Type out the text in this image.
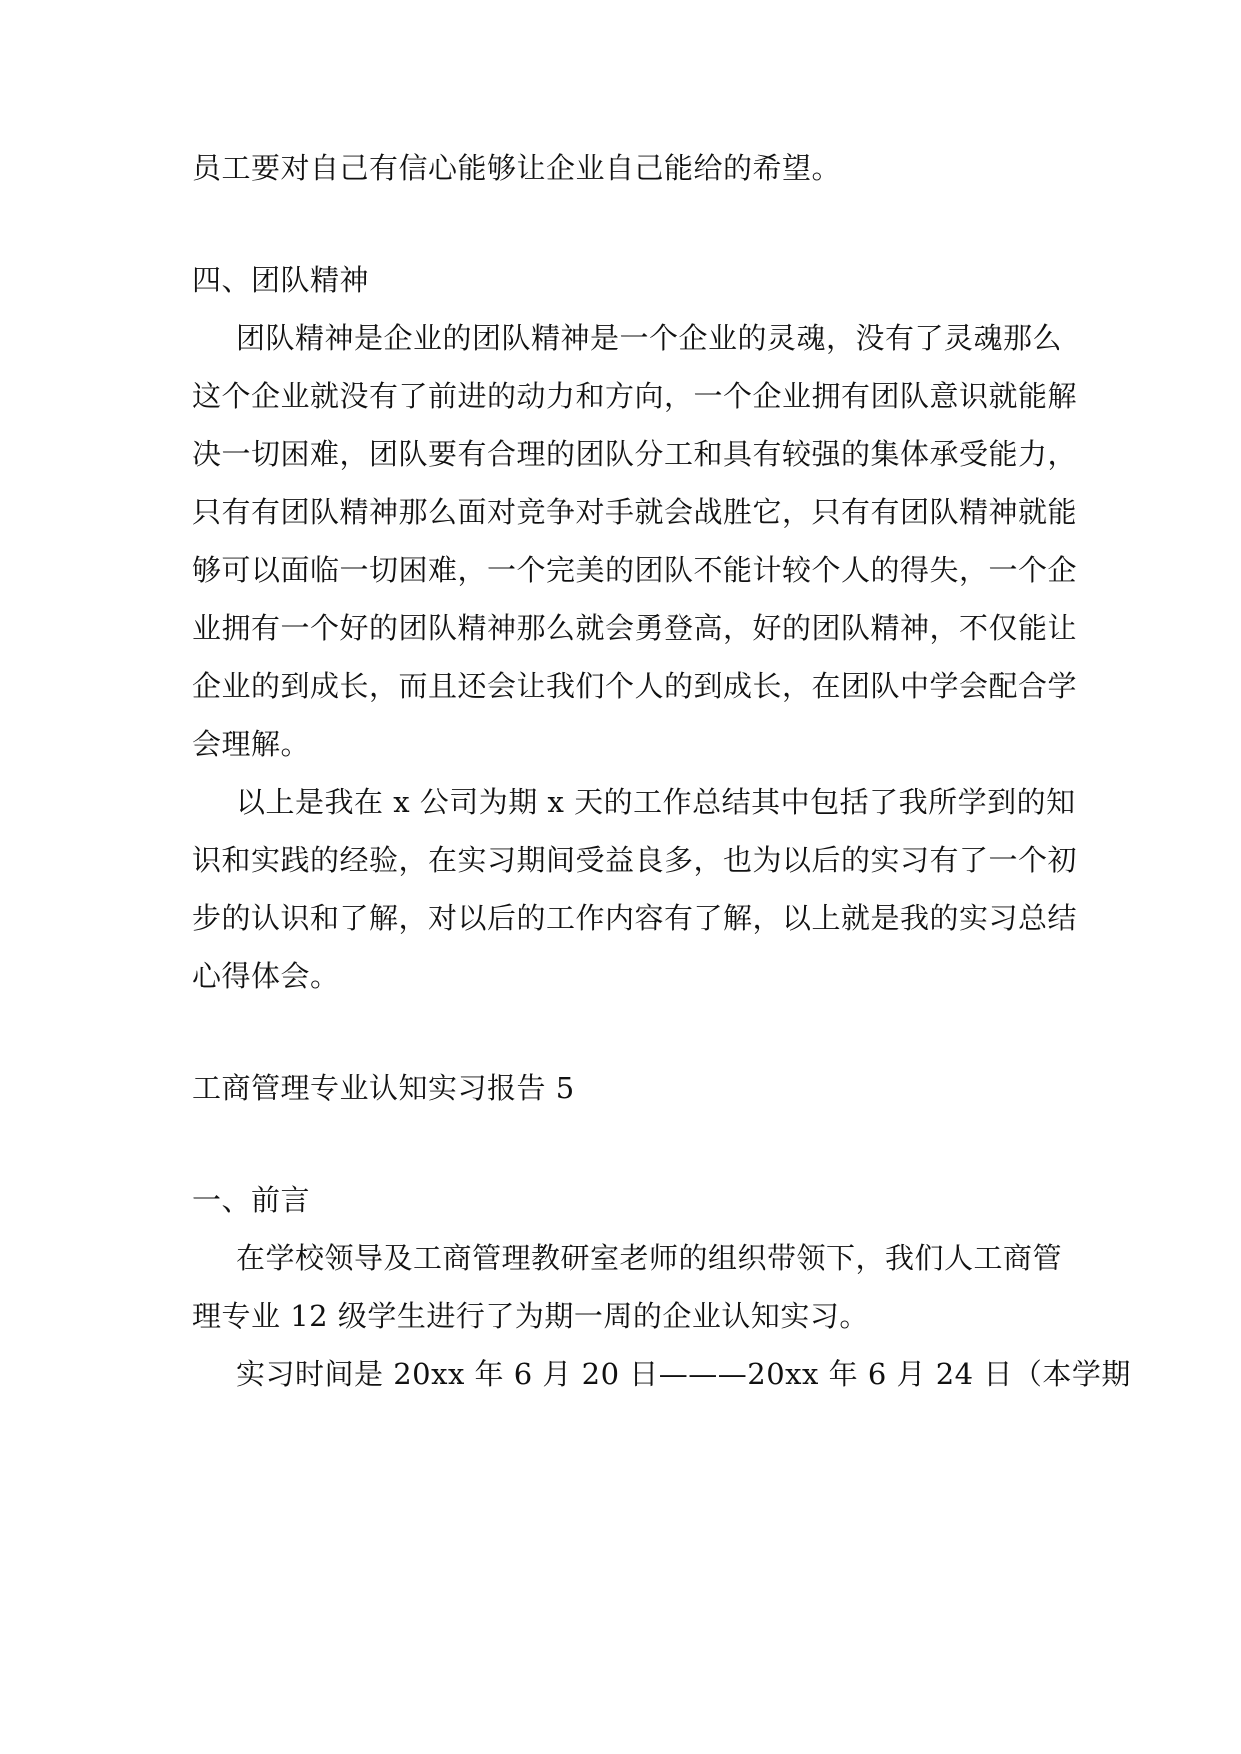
员工要对自己有信心能够让企业自己能给的希望。
四、团队精神
团队精神是企业的团队精神是一个企业的灵魂，没有了灵魂那么
这个企业就没有了前进的动力和方向，一个企业拥有团队意识就能解
决一切困难，团队要有合理的团队分工和具有较强的集体承受能力，
只有有团队精神那么面对竞争对手就会战胜它，只有有团队精神就能
够可以面临一切困难，一个完美的团队不能计较个人的得失，一个企
业拥有一个好的团队精神那么就会勇登高，好的团队精神，不仅能让
企业的到成长，而且还会让我们个人的到成长，在团队中学会配合学
会理解。
以上是我在 x 公司为期 x 天的工作总结其中包括了我所学到的知
识和实践的经验，在实习期间受益良多，也为以后的实习有了一个初
步的认识和了解，对以后的工作内容有了解，以上就是我的实习总结
心得体会。
工商管理专业认知实习报告 5
一、前言
在学校领导及工商管理教研室老师的组织带领下，我们人工商管
理专业 12 级学生进行了为期一周的企业认知实习。
实习时间是 20xx 年 6 月 20 日———20xx 年 6 月 24 日（本学期
